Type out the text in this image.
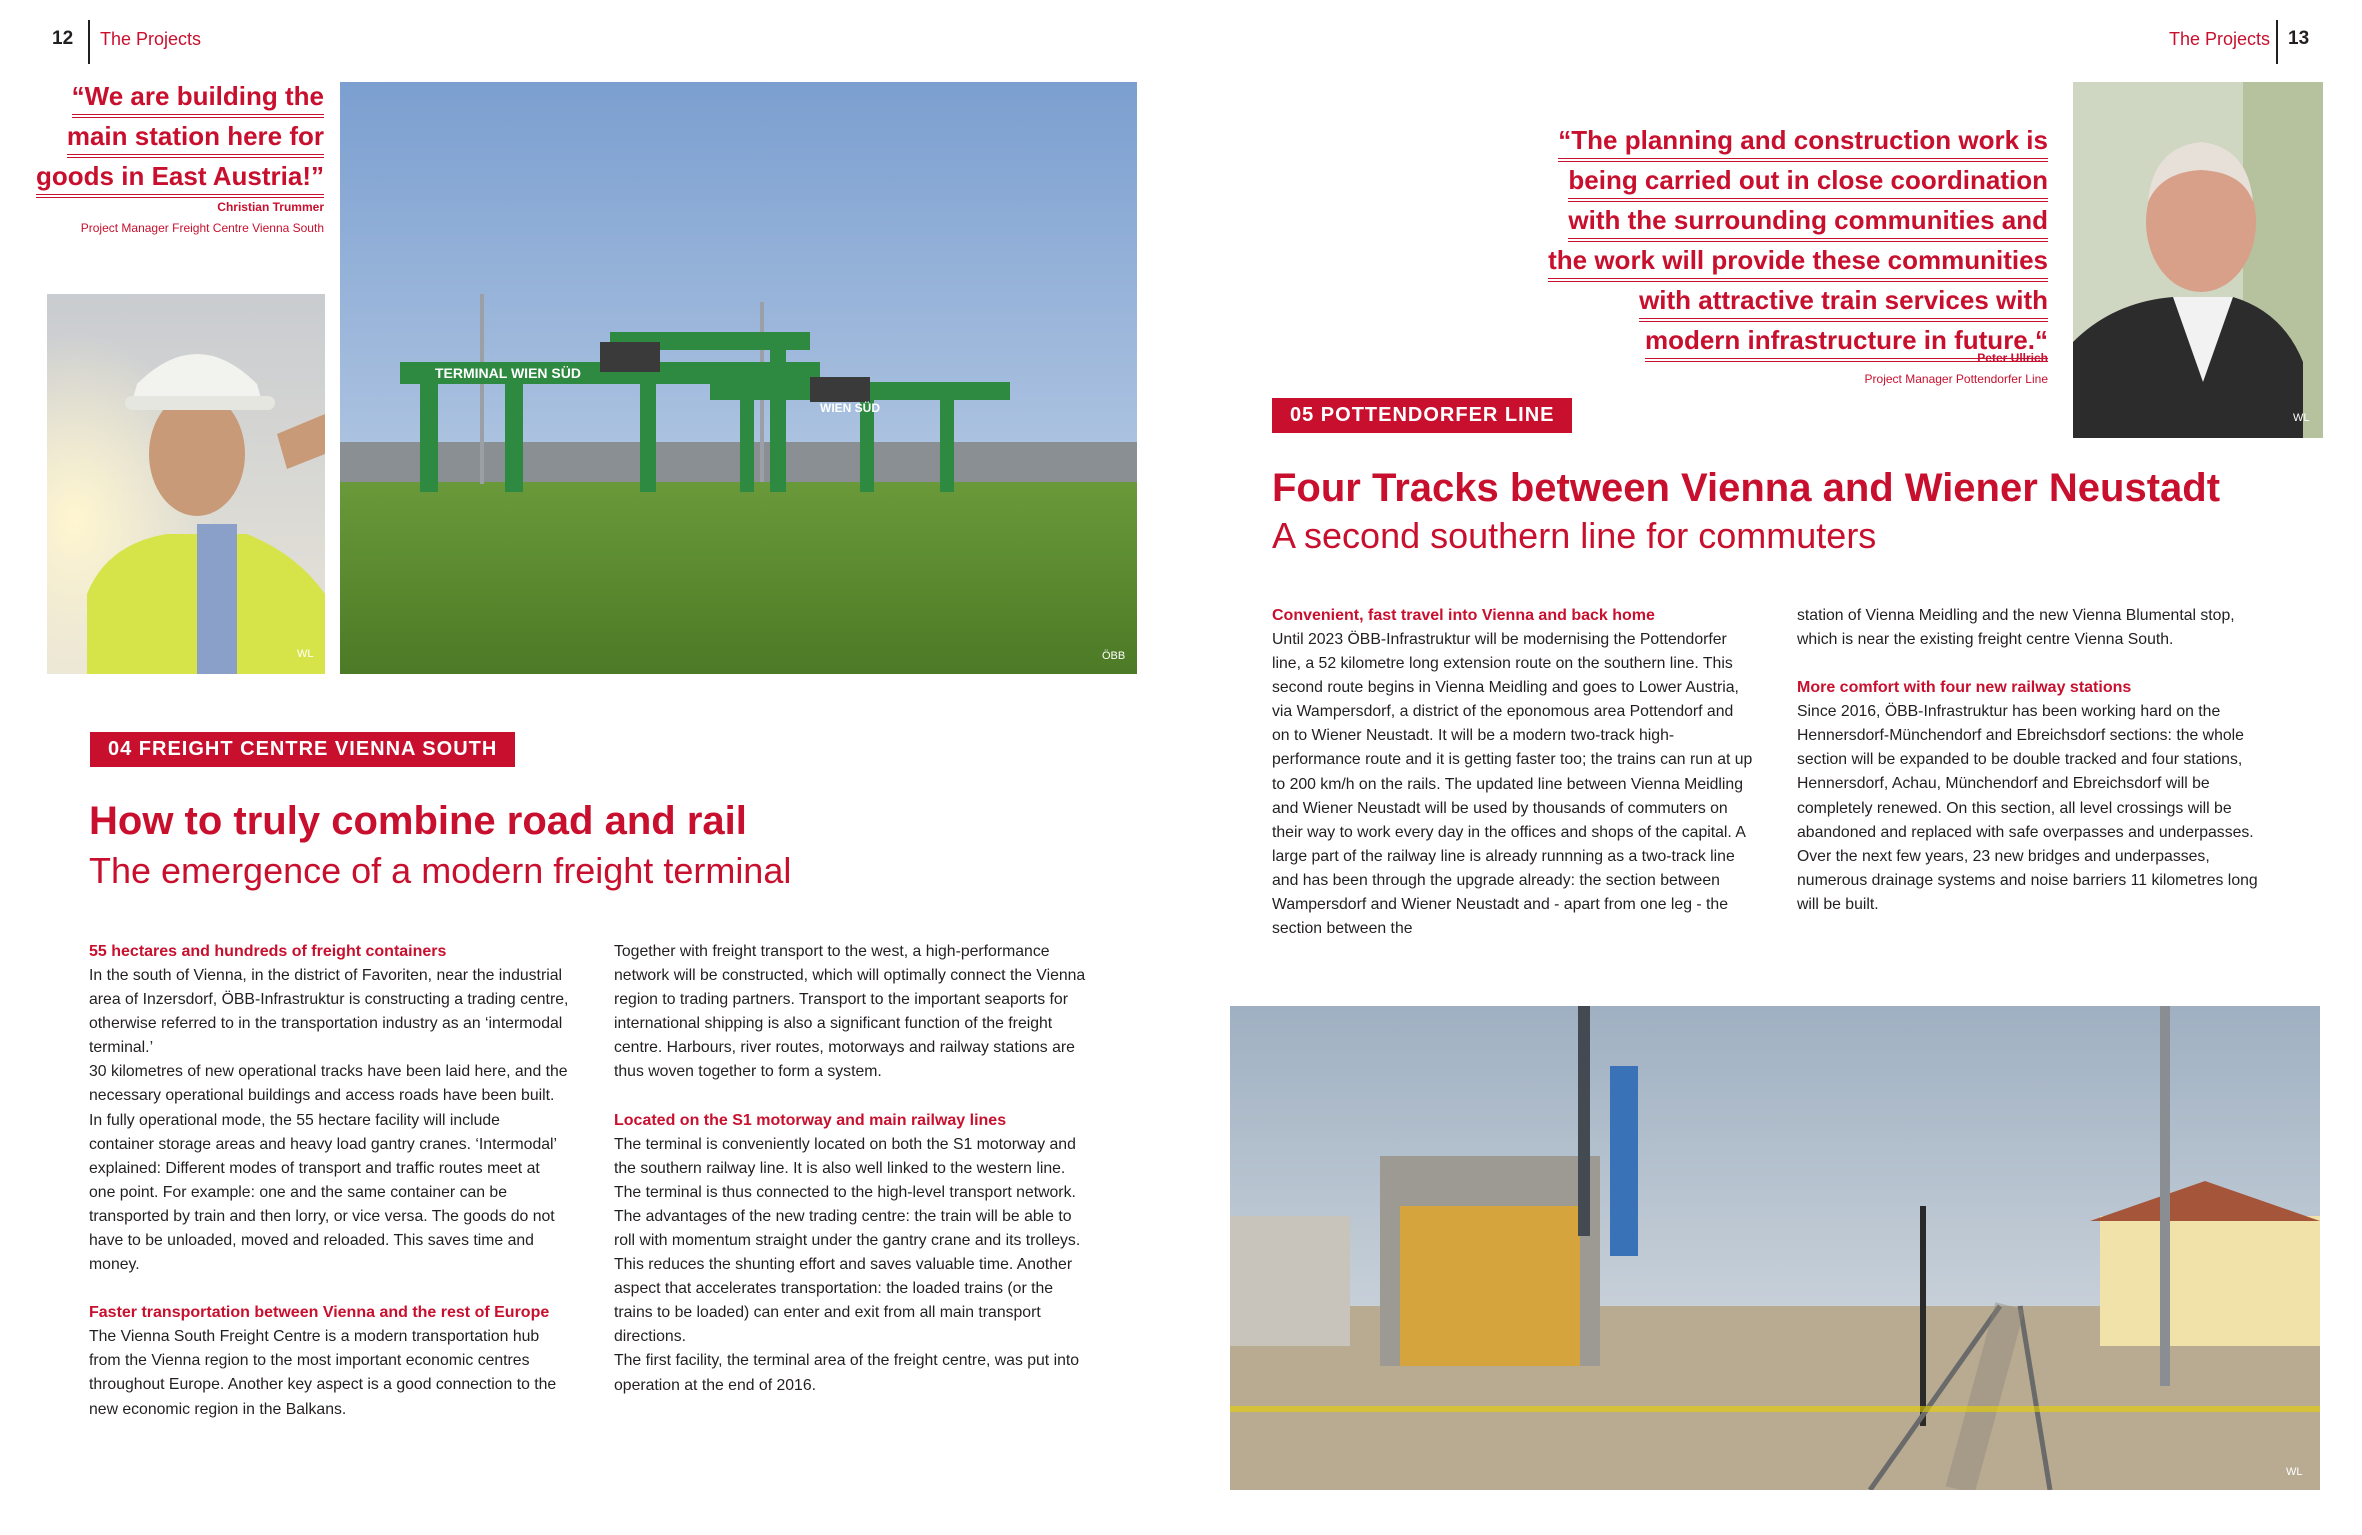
12 The Projects
“We are building the
main station here for
goods in East Austria!”
Christian Trummer
Project Manager Freight Centre Vienna South
WL
TERMINAL WIEN SÜD
WIEN SÜD
ÖBB
04 FREIGHT CENTRE VIENNA SOUTH
How to truly combine road and rail
The emergence of a modern freight terminal
55 hectares and hundreds of freight containers

In the south of Vienna, in the district of Favoriten, near the industrial area of Inzersdorf, ÖBB-Infrastruktur is constructing a trading centre, otherwise referred to in the transportation industry as an ‘intermodal terminal.’

30 kilometres of new operational tracks have been laid here, and the necessary operational buildings and access roads have been built. In fully operational mode, the 55 hectare facility will include container storage areas and heavy load gantry cranes. ‘Intermodal’ explained: Different modes of transport and traffic routes meet at one point. For example: one and the same container can be transported by train and then lorry, or vice versa. The goods do not have to be unloaded, moved and reloaded. This saves time and money.

Faster transportation between Vienna and the rest of Europe

The Vienna South Freight Centre is a modern transportation hub from the Vienna region to the most important economic centres throughout Europe. Another key aspect is a good connection to the new economic region in the Balkans.

Together with freight transport to the west, a high-performance network will be constructed, which will optimally connect the Vienna region to trading partners. Transport to the important seaports for international shipping is also a significant function of the freight centre. Harbours, river routes, motorways and railway stations are thus woven together to form a system.

Located on the S1 motorway and main railway lines

The terminal is conveniently located on both the S1 motorway and the southern railway line. It is also well linked to the western line. The terminal is thus connected to the high-level transport network. The advantages of the new trading centre: the train will be able to roll with momentum straight under the gantry crane and its trolleys. This reduces the shunting effort and saves valuable time. Another aspect that accelerates transportation: the loaded trains (or the trains to be loaded) can enter and exit from all main transport directions.

The first facility, the terminal area of the freight centre, was put into operation at the end of 2016.

The Projects 13
“The planning and construction work is
being carried out in close coordination
with the surrounding communities and
the work will provide these communities
with attractive train services with
modern infrastructure in future.“
Peter Ullrich
Project Manager Pottendorfer Line
WL
05 POTTENDORFER LINE
Four Tracks between Vienna and Wiener Neustadt
A second southern line for commuters
Convenient, fast travel into Vienna and back home

Until 2023 ÖBB-Infrastruktur will be modernising the Pottendorfer line, a 52 kilometre long extension route on the southern line. This second route begins in Vienna Meidling and goes to Lower Austria, via Wampersdorf, a district of the eponomous area Pottendorf and on to Wiener Neustadt. It will be a modern two-track high-performance route and it is getting faster too; the trains can run at up to 200 km/h on the rails. The updated line between Vienna Meidling and Wiener Neustadt will be used by thousands of commuters on their way to work every day in the offices and shops of the capital. A large part of the railway line is already runnning as a two-track line and has been through the upgrade already: the section between Wampersdorf and Wiener Neustadt and - apart from one leg - the section between the

station of Vienna Meidling and the new Vienna Blumental stop, which is near the existing freight centre Vienna South.

More comfort with four new railway stations

Since 2016, ÖBB-Infrastruktur has been working hard on the Hennersdorf-Münchendorf and Ebreichsdorf sections: the whole section will be expanded to be double tracked and four stations, Hennersdorf, Achau, Münchendorf and Ebreichsdorf will be completely renewed. On this section, all level crossings will be abandoned and replaced with safe overpasses and underpasses. Over the next few years, 23 new bridges and underpasses, numerous drainage systems and noise barriers 11 kilometres long will be built.

WL
